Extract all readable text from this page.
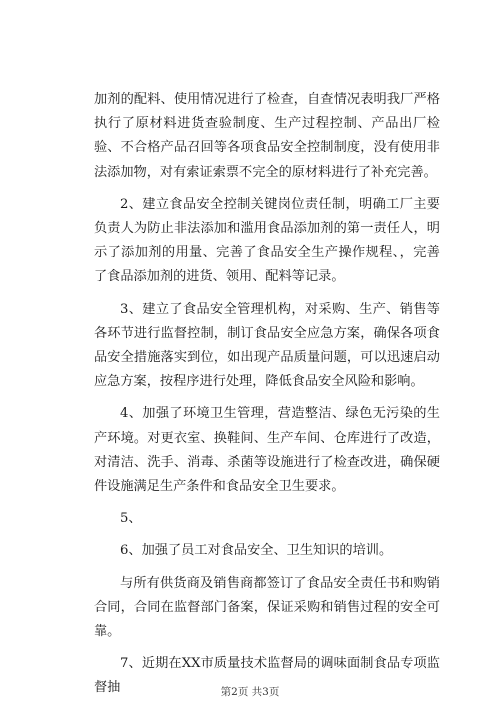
加剂的配料、使用情况进行了检查，自查情况表明我厂严格执行了原材料进货查验制度、生产过程控制、产品出厂检验、不合格产品召回等各项食品安全控制制度，没有使用非法添加物，对有索证索票不完全的原材料进行了补充完善。

2、建立食品安全控制关键岗位责任制，明确工厂主要负责人为防止非法添加和滥用食品添加剂的第一责任人，明示了添加剂的用量、完善了食品安全生产操作规程、，完善了食品添加剂的进货、领用、配料等记录。

3、建立了食品安全管理机构，对采购、生产、销售等各环节进行监督控制，制订食品安全应急方案，确保各项食品安全措施落实到位，如出现产品质量问题，可以迅速启动应急方案，按程序进行处理，降低食品安全风险和影响。

4、加强了环境卫生管理，营造整洁、绿色无污染的生产环境。对更衣室、换鞋间、生产车间、仓库进行了改造，对清洁、洗手、消毒、杀菌等设施进行了检查改进，确保硬件设施满足生产条件和食品安全卫生要求。

5、

6、加强了员工对食品安全、卫生知识的培训。

与所有供货商及销售商都签订了食品安全责任书和购销合同，合同在监督部门备案，保证采购和销售过程的安全可靠。

7、近期在XX市质量技术监督局的调味面制食品专项监督抽	第2页 共3页
